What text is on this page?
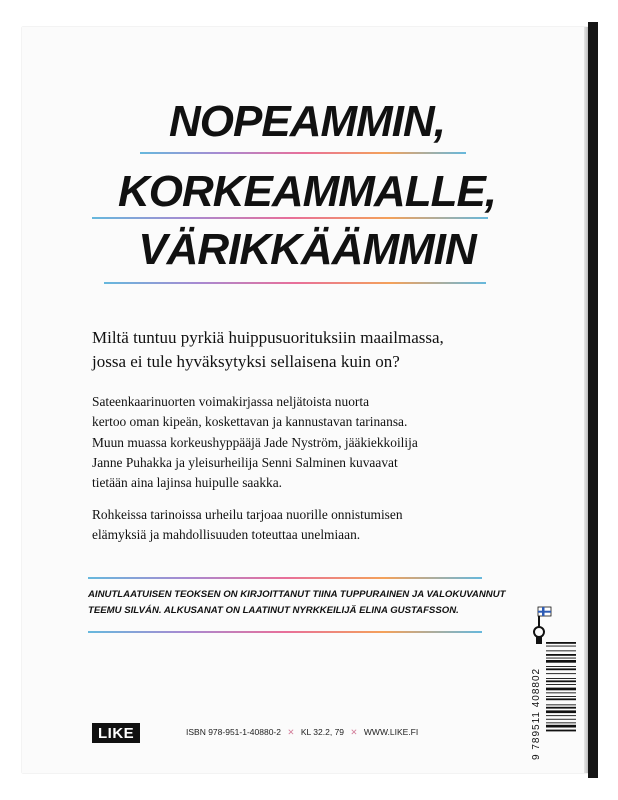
NOPEAMMIN,
KORKEAMMALLE,
VÄRIKKÄÄMMIN
Miltä tuntuu pyrkiä huippusuorituksiin maailmassa,
jossa ei tule hyväksytyksi sellaisena kuin on?
Sateenkaarinuorten voimakirjassa neljätoista nuorta
kertoo oman kipeän, koskettavan ja kannustavan tarinansa.
Muun muassa korkeushyppääjä Jade Nyström, jääkiekkoilija
Janne Puhakka ja yleisurheilija Senni Salminen kuvaavat
tietään aina lajinsa huipulle saakka.
Rohkeissa tarinoissa urheilu tarjoaa nuorille onnistumisen
elämyksiä ja mahdollisuuden toteuttaa unelmiaan.
AINUTLAATUISEN TEOKSEN ON KIRJOITTANUT TIINA TUPPURAINEN JA VALOKUVANNUT
TEEMU SILVÁN. ALKUSANAT ON LAATINUT NYRKKEILIJÄ ELINA GUSTAFSSON.
LIKE	ISBN 978-951-1-40880-2 ✕ KL 32.2, 79 ✕ WWW.LIKE.FI	9 789511 408802
